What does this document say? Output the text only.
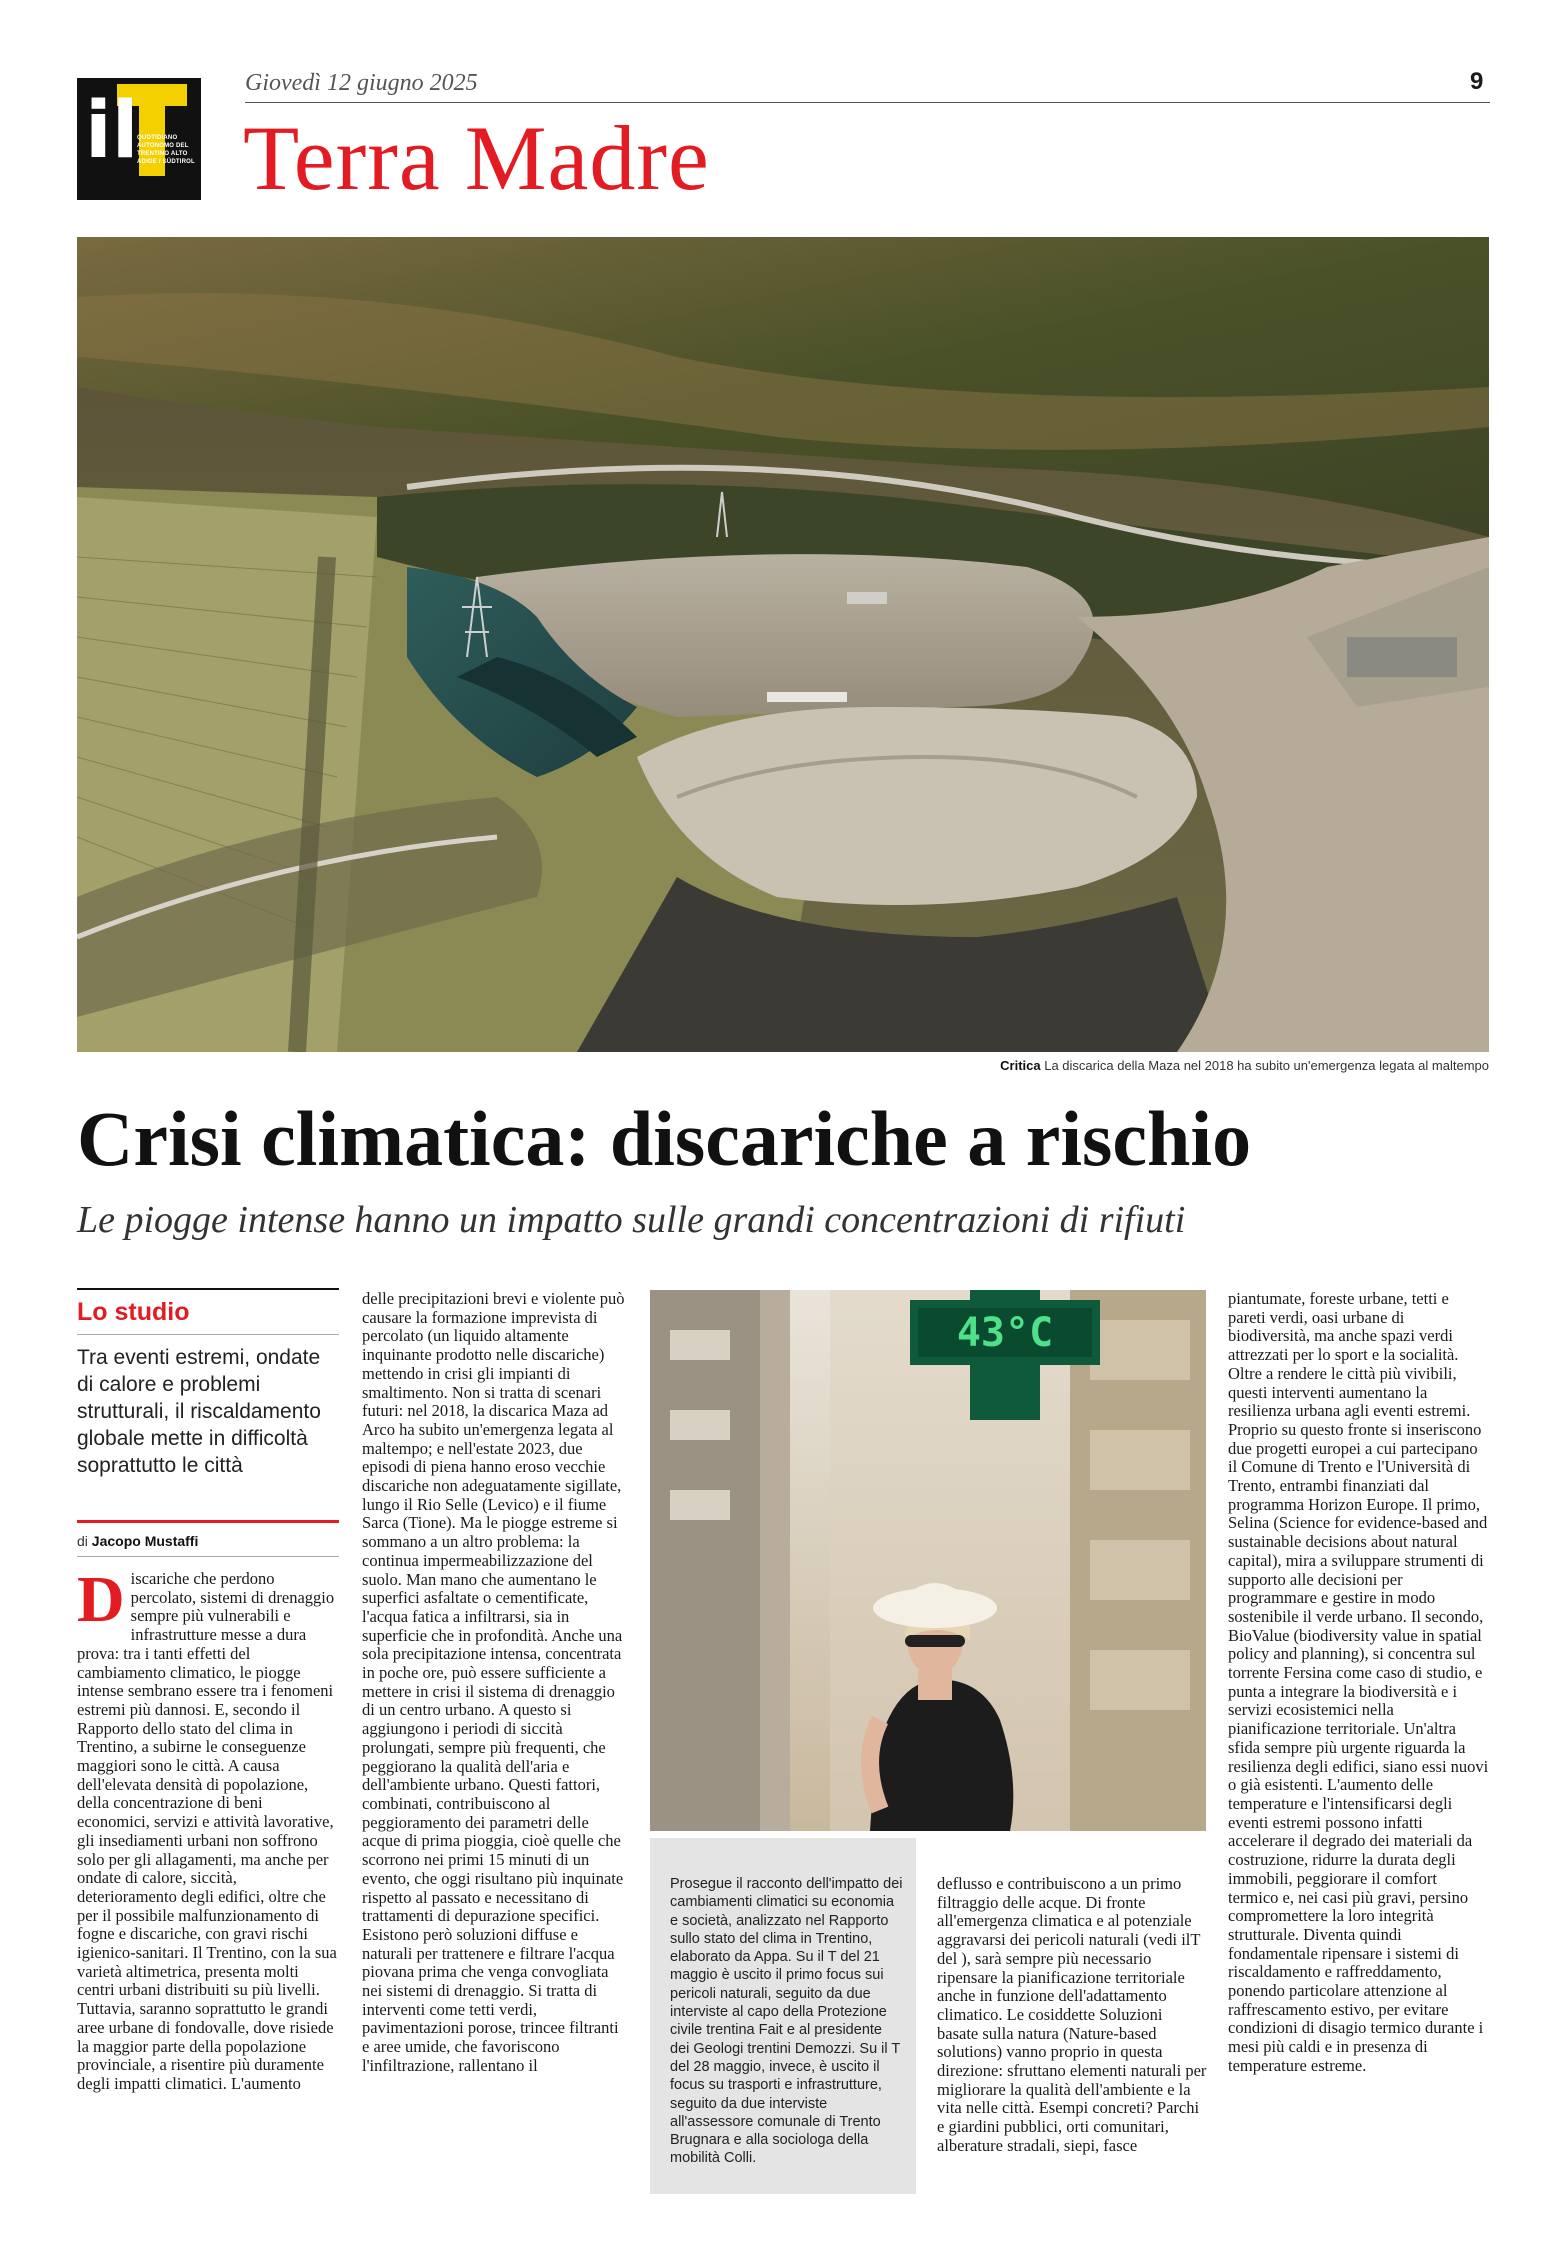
il
QUOTIDIANO AUTONOMO DEL TRENTINO ALTO ADIGE / SÜDTIROL
Giovedì 12 giugno 2025	9
Terra Madre
Critica La discarica della Maza nel 2018 ha subito un'emergenza legata al maltempo
Crisi climatica: discariche a rischio
Le piogge intense hanno un impatto sulle grandi concentrazioni di rifiuti
Lo studio
Tra eventi estremi, ondate di calore e problemi strutturali, il riscaldamento globale mette in difficoltà soprattutto le città
di Jacopo Mustaffi
D iscariche che perdono percolato, sistemi di drenaggio sempre più vulnerabili e infrastrutture messe a dura prova: tra i tanti effetti del cambiamento climatico, le piogge intense sembrano essere tra i fenomeni estremi più dannosi. E, secondo il Rapporto dello stato del clima in Trentino, a subirne le conseguenze maggiori sono le città. A causa dell'elevata densità di popolazione, della concentrazione di beni economici, servizi e attività lavorative, gli insediamenti urbani non soffrono solo per gli allagamenti, ma anche per ondate di calore, siccità, deterioramento degli edifici, oltre che per il possibile malfunzionamento di fogne e discariche, con gravi rischi igienico-sanitari. Il Trentino, con la sua varietà altimetrica, presenta molti centri urbani distribuiti su più livelli. Tuttavia, saranno soprattutto le grandi aree urbane di fondovalle, dove risiede la maggior parte della popolazione provinciale, a risentire più duramente degli impatti climatici. L'aumento
delle precipitazioni brevi e violente può causare la formazione imprevista di percolato (un liquido altamente inquinante prodotto nelle discariche) mettendo in crisi gli impianti di smaltimento. Non si tratta di scenari futuri: nel 2018, la discarica Maza ad Arco ha subito un'emergenza legata al maltempo; e nell'estate 2023, due episodi di piena hanno eroso vecchie discariche non adeguatamente sigillate, lungo il Rio Selle (Levico) e il fiume Sarca (Tione). Ma le piogge estreme si sommano a un altro problema: la continua impermeabilizzazione del suolo. Man mano che aumentano le superfici asfaltate o cementificate, l'acqua fatica a infiltrarsi, sia in superficie che in profondità. Anche una sola precipitazione intensa, concentrata in poche ore, può essere sufficiente a mettere in crisi il sistema di drenaggio di un centro urbano. A questo si aggiungono i periodi di siccità prolungati, sempre più frequenti, che peggiorano la qualità dell'aria e dell'ambiente urbano. Questi fattori, combinati, contribuiscono al peggioramento dei parametri delle acque di prima pioggia, cioè quelle che scorrono nei primi 15 minuti di un evento, che oggi risultano più inquinate rispetto al passato e necessitano di trattamenti di depurazione specifici. Esistono però soluzioni diffuse e naturali per trattenere e filtrare l'acqua piovana prima che venga convogliata nei sistemi di drenaggio. Si tratta di interventi come tetti verdi, pavimentazioni porose, trincee filtranti e aree umide, che favoriscono l'infiltrazione, rallentano il
43°C
Prosegue il racconto dell'impatto dei cambiamenti climatici su economia e società, analizzato nel Rapporto sullo stato del clima in Trentino, elaborato da Appa. Su il T del 21 maggio è uscito il primo focus sui pericoli naturali, seguito da due interviste al capo della Protezione civile trentina Fait e al presidente dei Geologi trentini Demozzi. Su il T del 28 maggio, invece, è uscito il focus su trasporti e infrastrutture, seguito da due interviste all'assessore comunale di Trento Brugnara e alla sociologa della mobilità Colli.
deflusso e contribuiscono a un primo filtraggio delle acque. Di fronte all'emergenza climatica e al potenziale aggravarsi dei pericoli naturali (vedi ilT del ), sarà sempre più necessario ripensare la pianificazione territoriale anche in funzione dell'adattamento climatico. Le cosiddette Soluzioni basate sulla natura (Nature-based solutions) vanno proprio in questa direzione: sfruttano elementi naturali per migliorare la qualità dell'ambiente e la vita nelle città. Esempi concreti? Parchi e giardini pubblici, orti comunitari, alberature stradali, siepi, fasce
piantumate, foreste urbane, tetti e pareti verdi, oasi urbane di biodiversità, ma anche spazi verdi attrezzati per lo sport e la socialità. Oltre a rendere le città più vivibili, questi interventi aumentano la resilienza urbana agli eventi estremi. Proprio su questo fronte si inseriscono due progetti europei a cui partecipano il Comune di Trento e l'Università di Trento, entrambi finanziati dal programma Horizon Europe. Il primo, Selina (Science for evidence-based and sustainable decisions about natural capital), mira a sviluppare strumenti di supporto alle decisioni per programmare e gestire in modo sostenibile il verde urbano. Il secondo, BioValue (biodiversity value in spatial policy and planning), si concentra sul torrente Fersina come caso di studio, e punta a integrare la biodiversità e i servizi ecosistemici nella pianificazione territoriale. Un'altra sfida sempre più urgente riguarda la resilienza degli edifici, siano essi nuovi o già esistenti. L'aumento delle temperature e l'intensificarsi degli eventi estremi possono infatti accelerare il degrado dei materiali da costruzione, ridurre la durata degli immobili, peggiorare il comfort termico e, nei casi più gravi, persino compromettere la loro integrità strutturale. Diventa quindi fondamentale ripensare i sistemi di riscaldamento e raffreddamento, ponendo particolare attenzione al raffrescamento estivo, per evitare condizioni di disagio termico durante i mesi più caldi e in presenza di temperature estreme.
